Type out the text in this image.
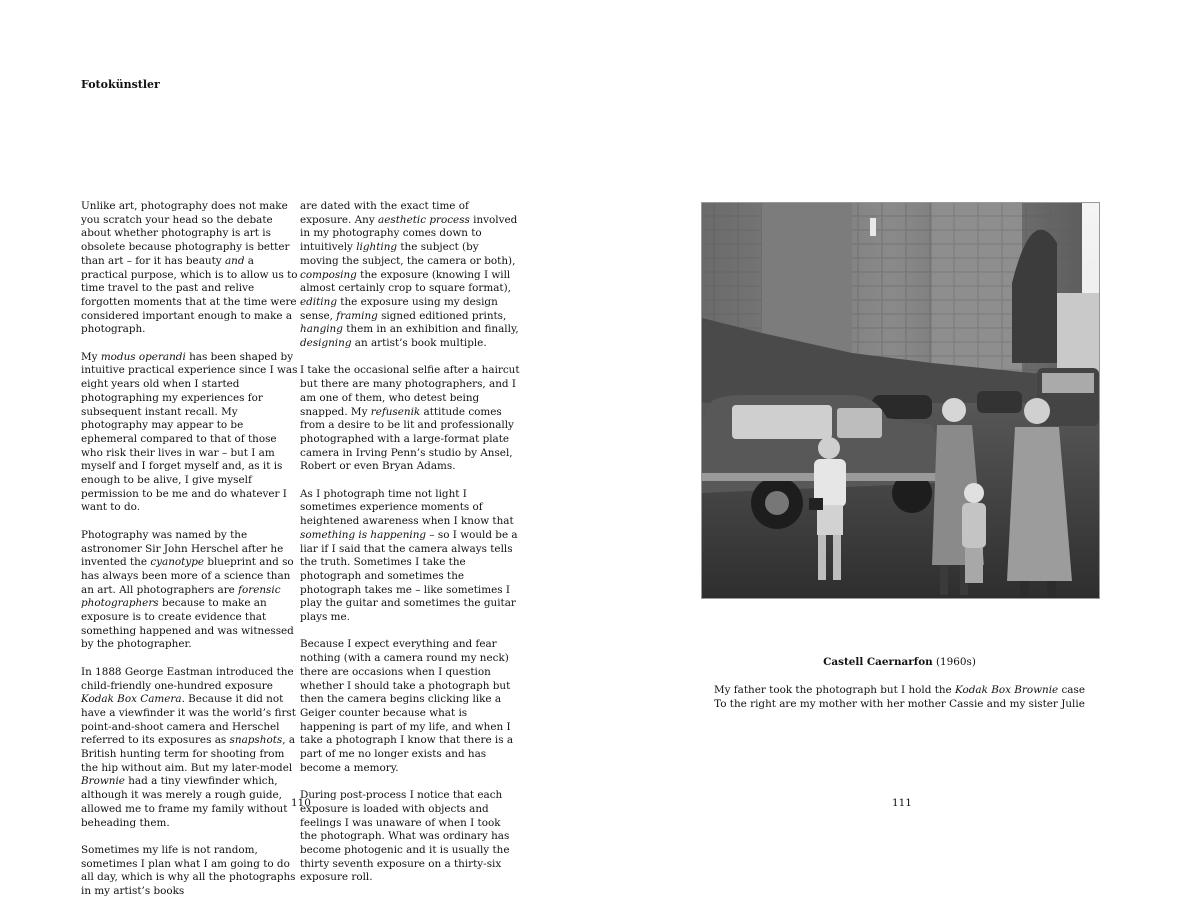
Fotokünstler

Unlike art, photography does not make you scratch your head so the debate about whether photography is art is obsolete because photography is better than art – for it has beauty and a practical purpose, which is to allow us to time travel to the past and relive forgotten moments that at the time were considered important enough to make a photograph.

My modus operandi has been shaped by intuitive practical experience since I was eight years old when I started photographing my experiences for subsequent instant recall. My photography may appear to be ephemeral compared to that of those who risk their lives in war – but I am myself and I forget myself and, as it is enough to be alive, I give myself permission to be me and do whatever I want to do.

Photography was named by the astronomer Sir John Herschel after he invented the cyanotype blueprint and so has always been more of a science than an art. All photographers are forensic photographers because to make an exposure is to create evidence that something happened and was witnessed by the photographer.

In 1888 George Eastman introduced the child-friendly one-hundred exposure Kodak Box Camera. Because it did not have a viewfinder it was the world’s first point-and-shoot camera and Herschel referred to its exposures as snapshots, a British hunting term for shooting from the hip without aim. But my later-model Brownie had a tiny viewfinder which, although it was merely a rough guide, allowed me to frame my family without beheading them.

Sometimes my life is not random, sometimes I plan what I am going to do all day, which is why all the photographs in my artist’s books

are dated with the exact time of exposure. Any aesthetic process involved in my photography comes down to intuitively lighting the subject (by moving the subject, the camera or both), composing the exposure (knowing I will almost certainly crop to square format), editing the exposure using my design sense, framing signed editioned prints, hanging them in an exhibition and finally, designing an artist’s book multiple.

I take the occasional selfie after a haircut but there are many photographers, and I am one of them, who detest being snapped. My refusenik attitude comes from a desire to be lit and professionally photographed with a large-format plate camera in Irving Penn’s studio by Ansel, Robert or even Bryan Adams.

As I photograph time not light I sometimes experience moments of heightened awareness when I know that something is happening – so I would be a liar if I said that the camera always tells the truth. Sometimes I take the photograph and sometimes the photograph takes me – like sometimes I play the guitar and sometimes the guitar plays me.

Because I expect everything and fear nothing (with a camera round my neck) there are occasions when I question whether I should take a photograph but then the camera begins clicking like a Geiger counter because what is happening is part of my life, and when I take a photograph I know that there is a part of me no longer exists and has become a memory.

During post-process I notice that each exposure is loaded with objects and feelings I was unaware of when I took the photograph. What was ordinary has become photogenic and it is usually the thirty seventh exposure on a thirty-six exposure roll.

110	111
Castell Caernarfon (1960s)
My father took the photograph but I hold the Kodak Box Brownie case
To the right are my mother with her mother Cassie and my sister Julie
